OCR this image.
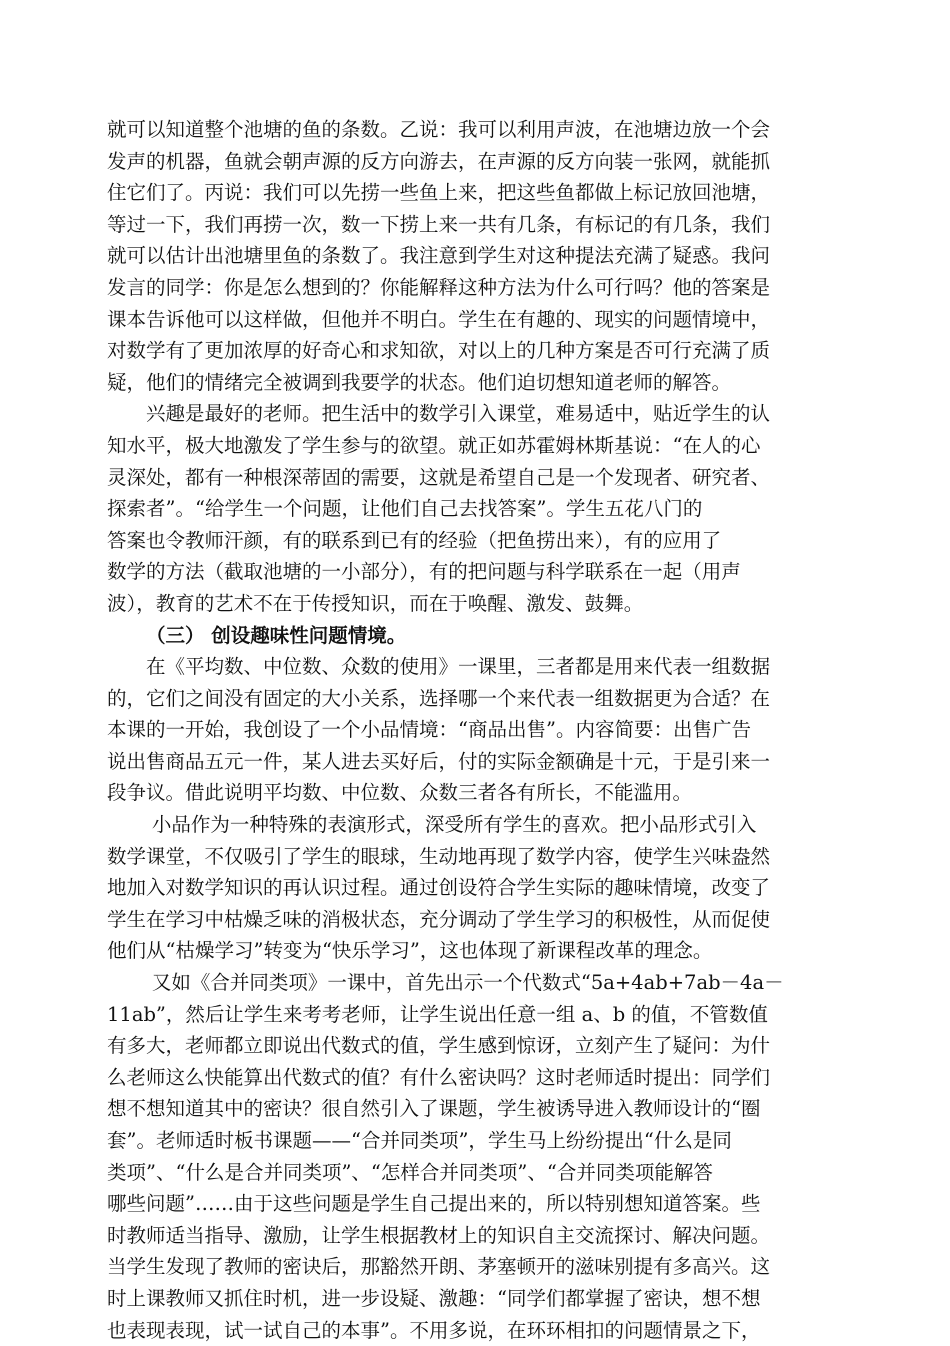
就可以知道整个池塘的鱼的条数。乙说：我可以利用声波，在池塘边放一个会
发声的机器，鱼就会朝声源的反方向游去，在声源的反方向装一张网，就能抓
住它们了。丙说：我们可以先捞一些鱼上来，把这些鱼都做上标记放回池塘，
等过一下，我们再捞一次，数一下捞上来一共有几条，有标记的有几条，我们
就可以估计出池塘里鱼的条数了。我注意到学生对这种提法充满了疑惑。我问
发言的同学：你是怎么想到的？你能解释这种方法为什么可行吗？他的答案是
课本告诉他可以这样做，但他并不明白。学生在有趣的、现实的问题情境中，
对数学有了更加浓厚的好奇心和求知欲，对以上的几种方案是否可行充满了质
疑，他们的情绪完全被调到我要学的状态。他们迫切想知道老师的解答。
兴趣是最好的老师。把生活中的数学引入课堂，难易适中，贴近学生的认
知水平，极大地激发了学生参与的欲望。就正如苏霍姆林斯基说：“在人的心
灵深处，都有一种根深蒂固的需要，这就是希望自己是一个发现者、研究者、
探索者”。“给学生一个问题，让他们自己去找答案”。学生五花八门的
答案也令教师汗颜，有的联系到已有的经验（把鱼捞出来），有的应用了
数学的方法（截取池塘的一小部分），有的把问题与科学联系在一起（用声
波），教育的艺术不在于传授知识，而在于唤醒、激发、鼓舞。
（三） 创设趣味性问题情境。
在《平均数、中位数、众数的使用》一课里，三者都是用来代表一组数据
的，它们之间没有固定的大小关系，选择哪一个来代表一组数据更为合适？在
本课的一开始，我创设了一个小品情境：“商品出售”。内容简要：出售广告
说出售商品五元一件，某人进去买好后，付的实际金额确是十元，于是引来一
段争议。借此说明平均数、中位数、众数三者各有所长，不能滥用。
小品作为一种特殊的表演形式，深受所有学生的喜欢。把小品形式引入
数学课堂，不仅吸引了学生的眼球，生动地再现了数学内容，使学生兴味盎然
地加入对数学知识的再认识过程。通过创设符合学生实际的趣味情境，改变了
学生在学习中枯燥乏味的消极状态，充分调动了学生学习的积极性，从而促使
他们从“枯燥学习”转变为“快乐学习”，这也体现了新课程改革的理念。
又如《合并同类项》一课中，首先出示一个代数式“5a+4ab+7ab－4a－
11ab”，然后让学生来考考老师，让学生说出任意一组 a、b 的值，不管数值
有多大，老师都立即说出代数式的值，学生感到惊讶，立刻产生了疑问：为什
么老师这么快能算出代数式的值？有什么密诀吗？这时老师适时提出：同学们
想不想知道其中的密诀？很自然引入了课题，学生被诱导进入教师设计的“圈
套”。老师适时板书课题——“合并同类项”，学生马上纷纷提出“什么是同
类项”、“什么是合并同类项”、“怎样合并同类项”、“合并同类项能解答
哪些问题”……由于这些问题是学生自己提出来的，所以特别想知道答案。些
时教师适当指导、激励，让学生根据教材上的知识自主交流探讨、解决问题。
当学生发现了教师的密诀后，那豁然开朗、茅塞顿开的滋味别提有多高兴。这
时上课教师又抓住时机，进一步设疑、激趣：“同学们都掌握了密诀，想不想
也表现表现，试一试自己的本事”。不用多说，在环环相扣的问题情景之下，
